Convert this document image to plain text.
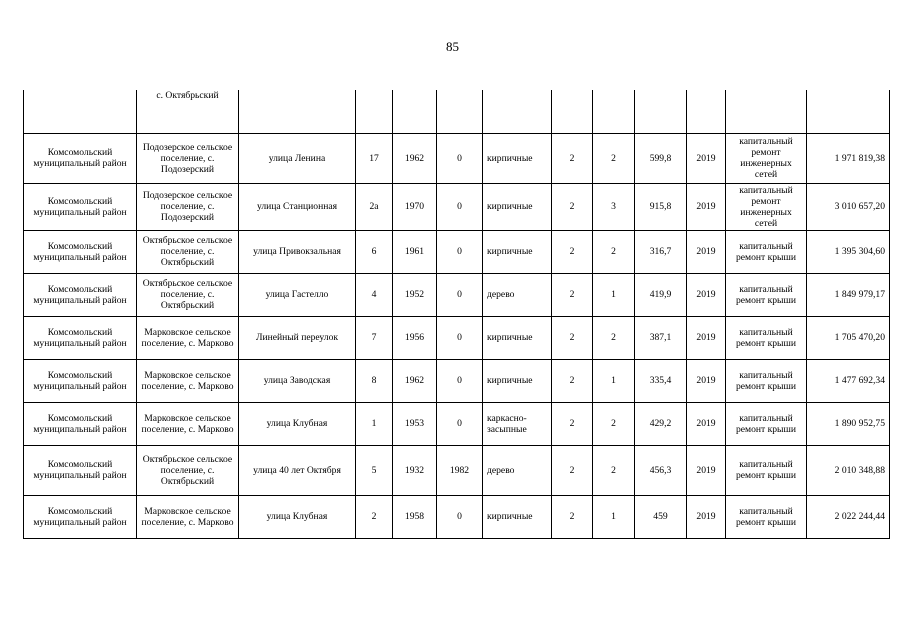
85
	с. Октябрьский											
Комсомольский муниципальный район	Подозерское сельское поселение, с. Подозерский	улица Ленина	17	1962	0	кирпичные	2	2	599,8	2019	капитальный ремонт инженерных сетей	1 971 819,38
Комсомольский муниципальный район	Подозерское сельское поселение, с. Подозерский	улица Станционная	2а	1970	0	кирпичные	2	3	915,8	2019	капитальный ремонт инженерных сетей	3 010 657,20
Комсомольский муниципальный район	Октябрьское сельское поселение, с. Октябрьский	улица Привокзальная	6	1961	0	кирпичные	2	2	316,7	2019	капитальный ремонт крыши	1 395 304,60
Комсомольский муниципальный район	Октябрьское сельское поселение, с. Октябрьский	улица Гастелло	4	1952	0	дерево	2	1	419,9	2019	капитальный ремонт крыши	1 849 979,17
Комсомольский муниципальный район	Марковское сельское поселение, с. Марково	Линейный переулок	7	1956	0	кирпичные	2	2	387,1	2019	капитальный ремонт крыши	1 705 470,20
Комсомольский муниципальный район	Марковское сельское поселение, с. Марково	улица Заводская	8	1962	0	кирпичные	2	1	335,4	2019	капитальный ремонт крыши	1 477 692,34
Комсомольский муниципальный район	Марковское сельское поселение, с. Марково	улица Клубная	1	1953	0	каркасно-засыпные	2	2	429,2	2019	капитальный ремонт крыши	1 890 952,75
Комсомольский муниципальный район	Октябрьское сельское поселение, с. Октябрьский	улица 40 лет Октября	5	1932	1982	дерево	2	2	456,3	2019	капитальный ремонт крыши	2 010 348,88
Комсомольский муниципальный район	Марковское сельское поселение, с. Марково	улица Клубная	2	1958	0	кирпичные	2	1	459	2019	капитальный ремонт крыши	2 022 244,44
